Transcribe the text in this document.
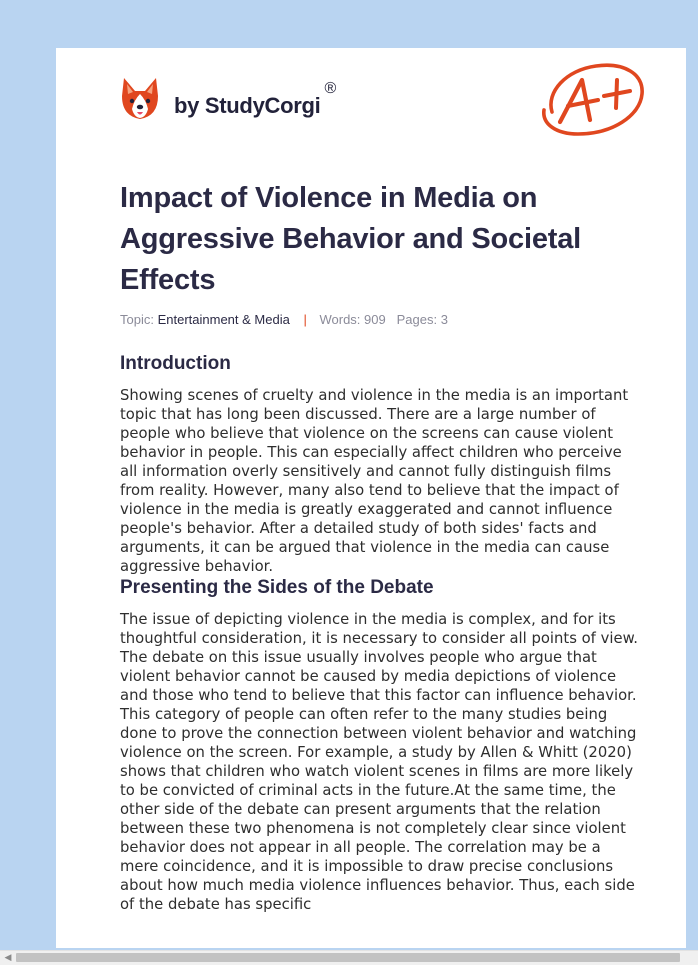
by StudyCorgi
®
Impact of Violence in Media on Aggressive Behavior and Societal Effects
Topic: Entertainment & Media | Words: 909 Pages: 3
Introduction

Showing scenes of cruelty and violence in the media is an important topic that has long been discussed. There are a large number of people who believe that violence on the screens can cause violent behavior in people. This can especially affect children who perceive all information overly sensitively and cannot fully distinguish films from reality. However, many also tend to believe that the impact of violence in the media is greatly exaggerated and cannot influence people's behavior. After a detailed study of both sides' facts and arguments, it can be argued that violence in the media can cause aggressive behavior.

Presenting the Sides of the Debate

The issue of depicting violence in the media is complex, and for its thoughtful consideration, it is necessary to consider all points of view. The debate on this issue usually involves people who argue that violent behavior cannot be caused by media depictions of violence and those who tend to believe that this factor can influence behavior. This category of people can often refer to the many studies being done to prove the connection between violent behavior and watching violence on the screen. For example, a study by Allen & Whitt (2020) shows that children who watch violent scenes in films are more likely to be convicted of criminal acts in the future.At the same time, the other side of the debate can present arguments that the relation between these two phenomena is not completely clear since violent behavior does not appear in all people. The correlation may be a mere coincidence, and it is impossible to draw precise conclusions about how much media violence influences behavior. Thus, each side of the debate has specific

◀
